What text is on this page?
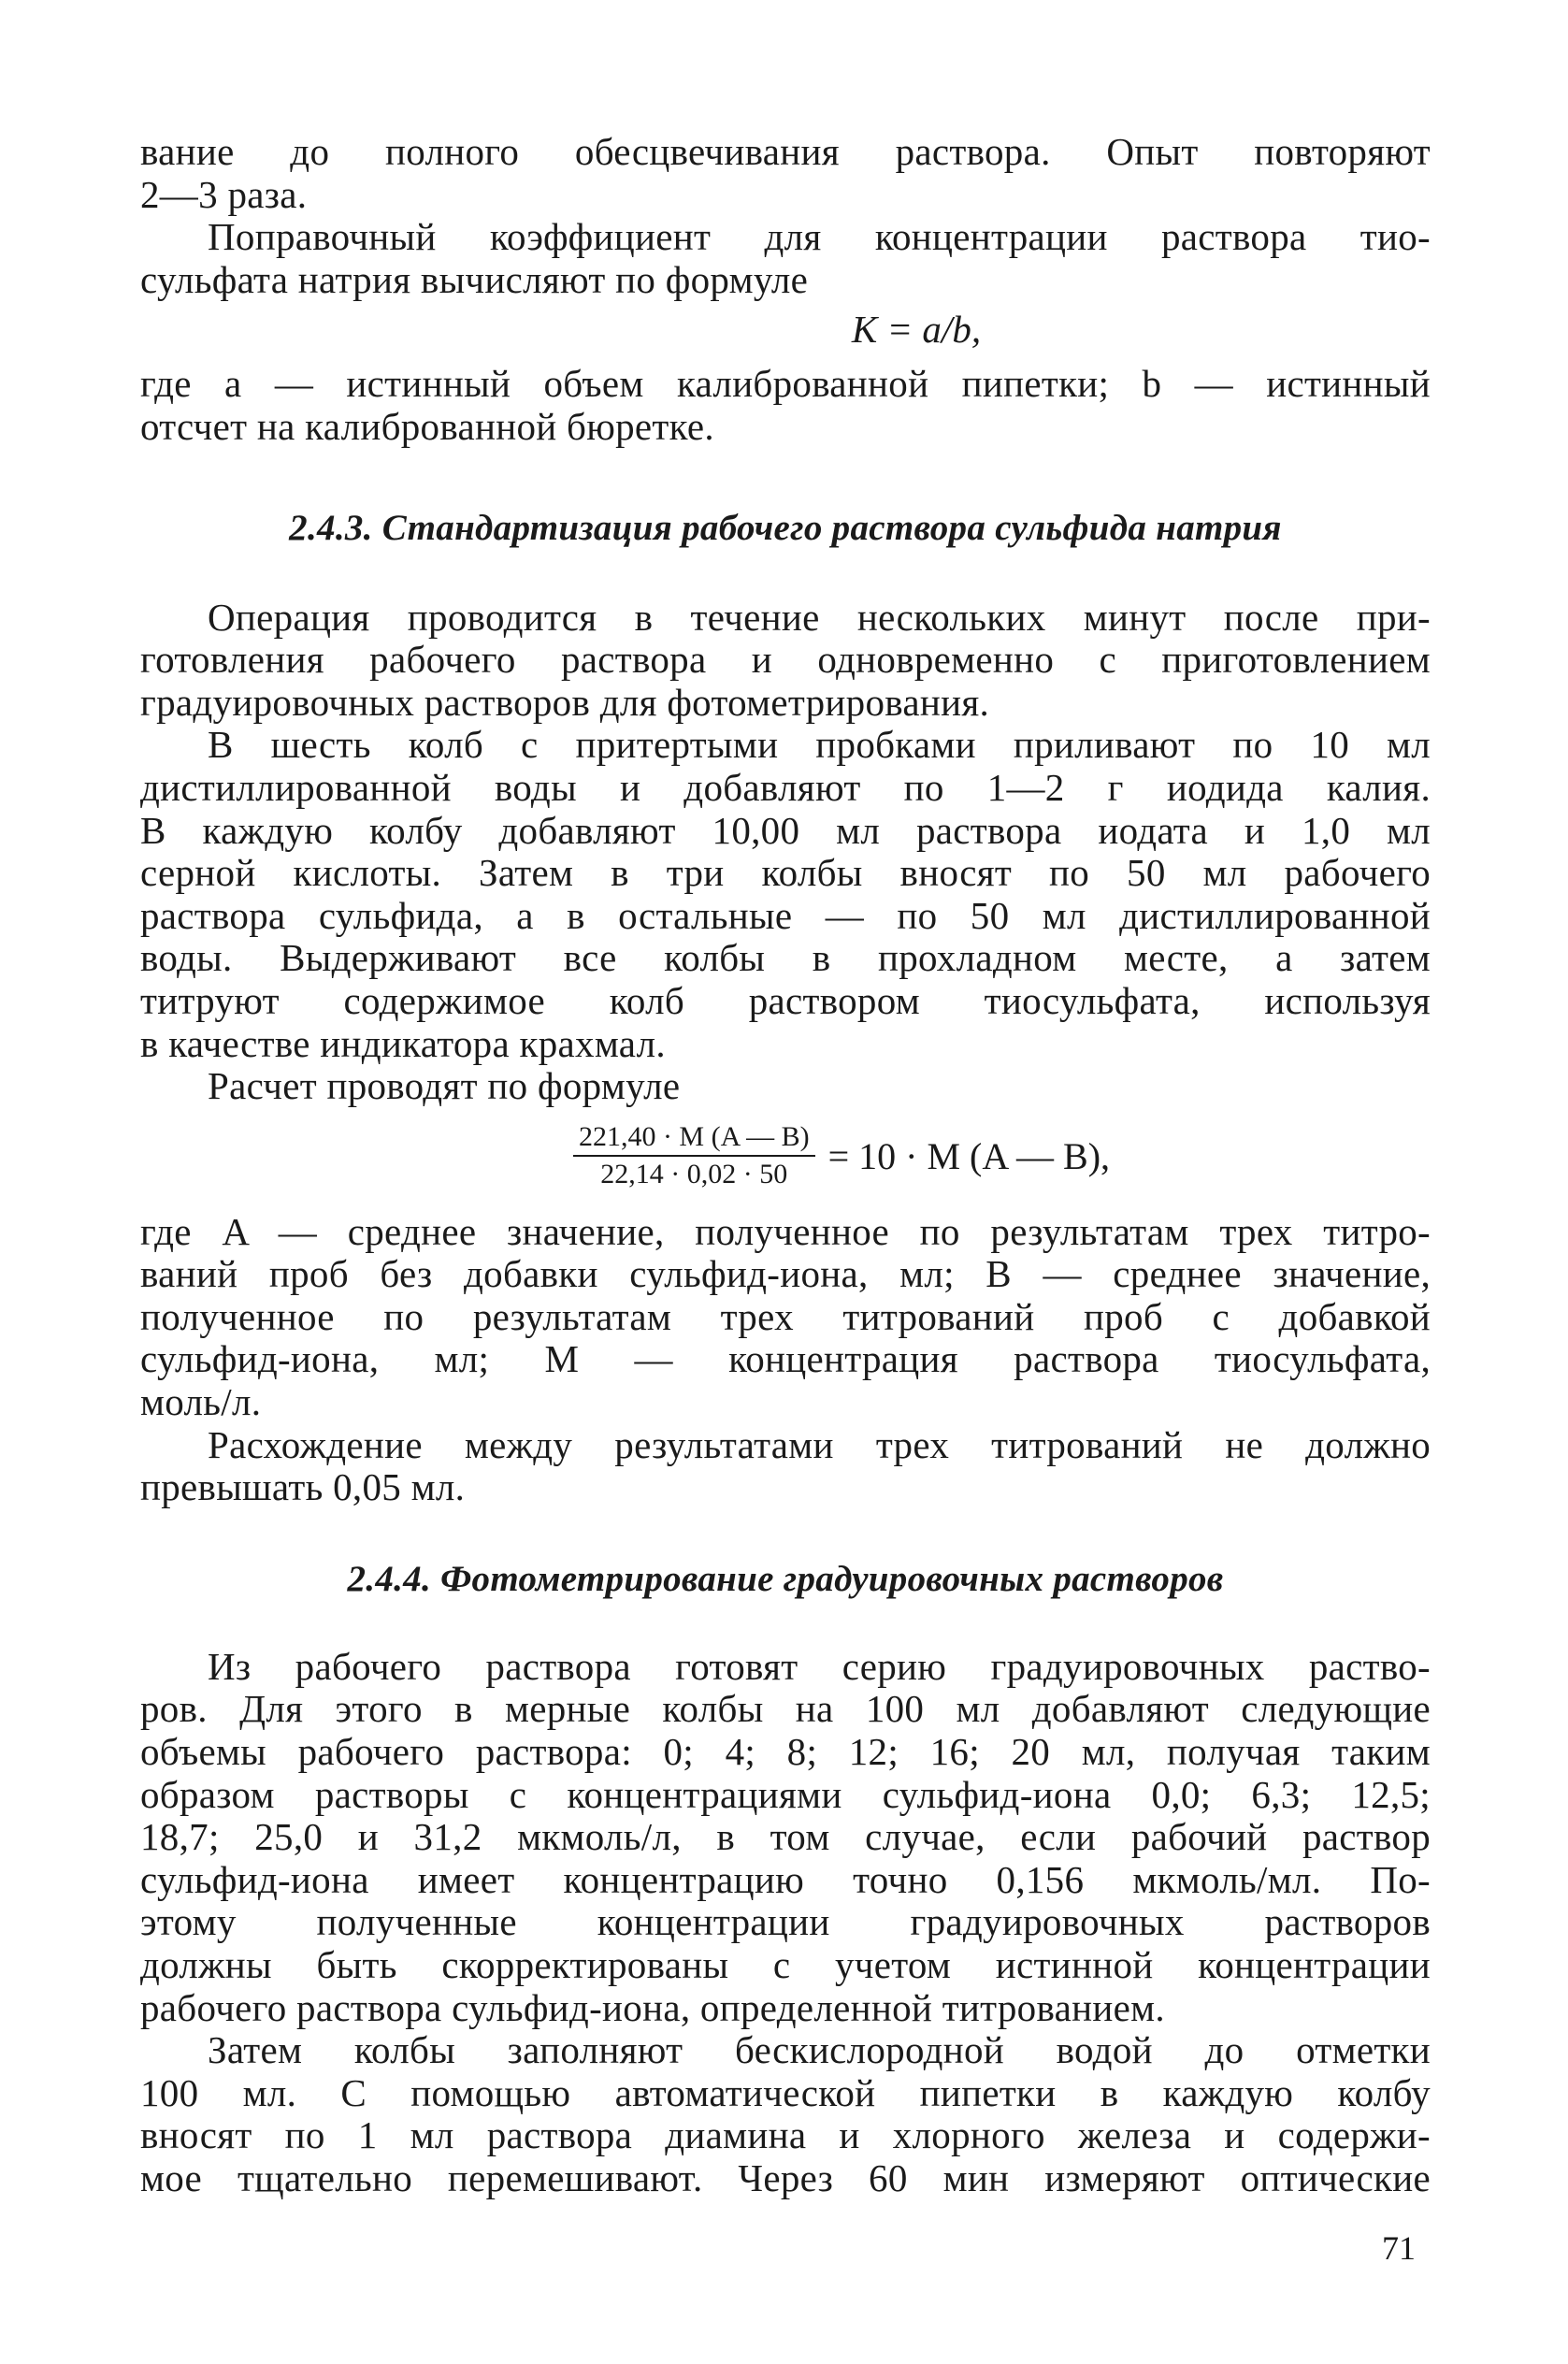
вание до полного обесцвечивания раствора. Опыт повторяют

2—3 раза.

Поправочный коэффициент для концентрации раствора тио-

сульфата натрия вычисляют по формуле

K = a/b,

где a — истинный объем калиброванной пипетки; b — истинный

отсчет на калиброванной бюретке.

2.4.3. Стандартизация рабочего раствора сульфида натрия

Операция проводится в течение нескольких минут после при-

готовления рабочего раствора и одновременно с приготовлением

градуировочных растворов для фотометрирования.

В шесть колб с притертыми пробками приливают по 10 мл

дистиллированной воды и добавляют по 1—2 г иодида калия.

В каждую колбу добавляют 10,00 мл раствора иодата и 1,0 мл

серной кислоты. Затем в три колбы вносят по 50 мл рабочего

раствора сульфида, а в остальные — по 50 мл дистиллированной

воды. Выдерживают все колбы в прохладном месте, а затем

титруют содержимое колб раствором тиосульфата, используя

в качестве индикатора крахмал.

Расчет проводят по формуле

$\frac{221,40 \cdot M (A — B)}{22,14 \cdot 0,02 \cdot 50} = 10 \cdot M$ (A — B),

где A — среднее значение, полученное по результатам трех титро-

ваний проб без добавки сульфид-иона, мл; B — среднее значение,

полученное по результатам трех титрований проб с добавкой

сульфид-иона, мл; M — концентрация раствора тиосульфата,

моль/л.

Расхождение между результатами трех титрований не должно

превышать 0,05 мл.

2.4.4. Фотометрирование градуировочных растворов

Из рабочего раствора готовят серию градуировочных раство-

ров. Для этого в мерные колбы на 100 мл добавляют следующие

объемы рабочего раствора: 0; 4; 8; 12; 16; 20 мл, получая таким

образом растворы с концентрациями сульфид-иона 0,0; 6,3; 12,5;

18,7; 25,0 и 31,2 мкмоль/л, в том случае, если рабочий раствор

сульфид-иона имеет концентрацию точно 0,156 мкмоль/мл. По-

этому полученные концентрации градуировочных растворов

должны быть скорректированы с учетом истинной концентрации

рабочего раствора сульфид-иона, определенной титрованием.

Затем колбы заполняют бескислородной водой до отметки

100 мл. С помощью автоматической пипетки в каждую колбу

вносят по 1 мл раствора диамина и хлорного железа и содержи-

мое тщательно перемешивают. Через 60 мин измеряют оптические

71
